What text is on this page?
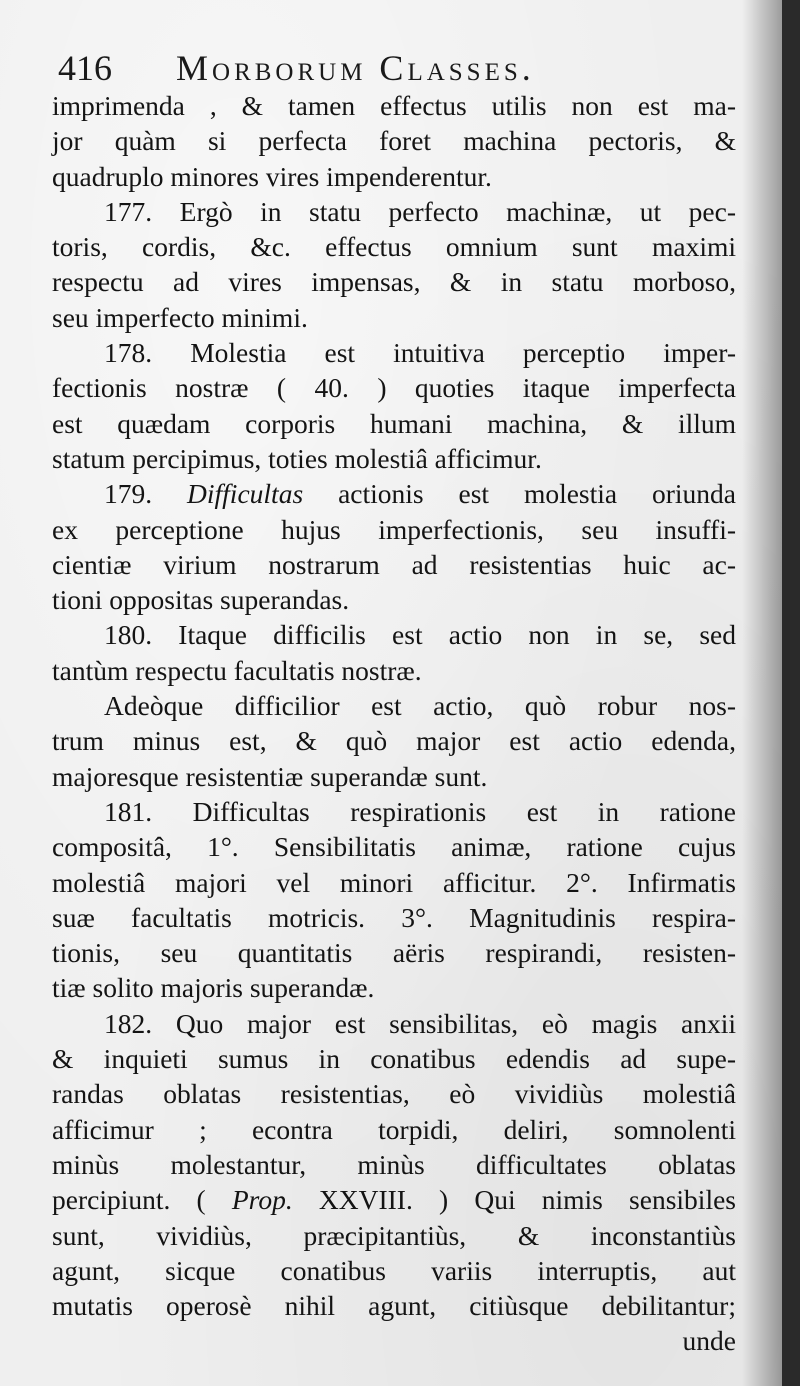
416 Morborum Classes.
imprimenda , & tamen effectus utilis non est ma-
jor quàm si perfecta foret machina pectoris, &
quadruplo minores vires impenderentur.
177. Ergò in statu perfecto machinæ, ut pec-
toris, cordis, &c. effectus omnium sunt maximi
respectu ad vires impensas, & in statu morboso,
seu imperfecto minimi.
178. Molestia est intuitiva perceptio imper-
fectionis nostræ ( 40. ) quoties itaque imperfecta
est quædam corporis humani machina, & illum
statum percipimus, toties molestiâ afficimur.
179. Difficultas actionis est molestia oriunda
ex perceptione hujus imperfectionis, seu insuffi-
cientiæ virium nostrarum ad resistentias huic ac-
tioni oppositas superandas.
180. Itaque difficilis est actio non in se, sed
tantùm respectu facultatis nostræ.
Adeòque difficilior est actio, quò robur nos-
trum minus est, & quò major est actio edenda,
majoresque resistentiæ superandæ sunt.
181. Difficultas respirationis est in ratione
compositâ, 1°. Sensibilitatis animæ, ratione cujus
molestiâ majori vel minori afficitur. 2°. Infirmatis
suæ facultatis motricis. 3°. Magnitudinis respira-
tionis, seu quantitatis aëris respirandi, resisten-
tiæ solito majoris superandæ.
182. Quo major est sensibilitas, eò magis anxii
& inquieti sumus in conatibus edendis ad supe-
randas oblatas resistentias, eò vividiùs molestiâ
afficimur ; econtra torpidi, deliri, somnolenti
minùs molestantur, minùs difficultates oblatas
percipiunt. ( Prop. XXVIII. ) Qui nimis sensibiles
sunt, vividiùs, præcipitantiùs, & inconstantiùs
agunt, sicque conatibus variis interruptis, aut
mutatis operosè nihil agunt, citiùsque debilitantur;
unde
